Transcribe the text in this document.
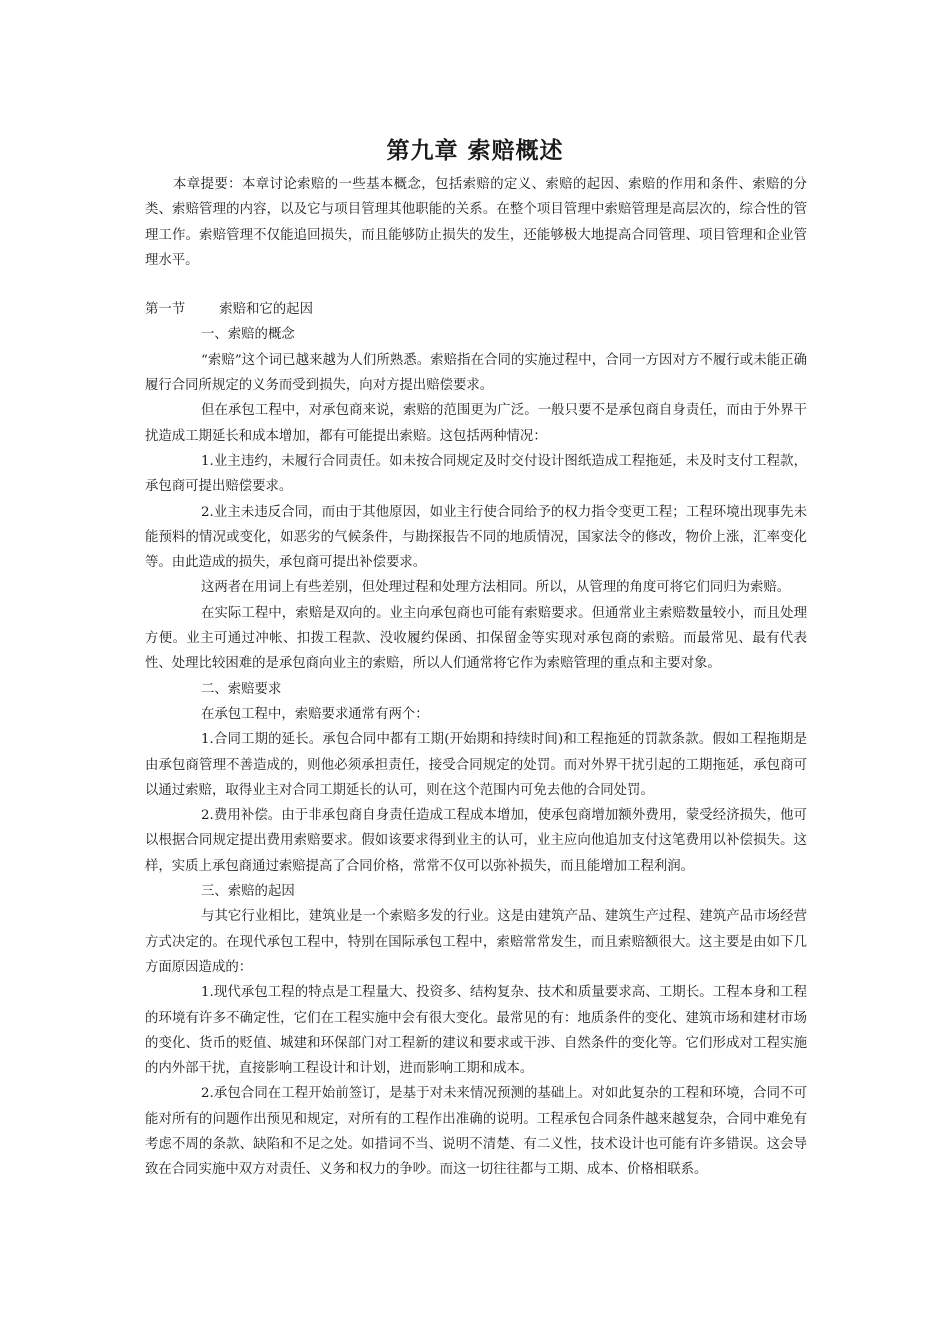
第九章 索赔概述

本章提要：本章讨论索赔的一些基本概念，包括索赔的定义、索赔的起因、索赔的作用和条件、索赔的分类、索赔管理的内容，以及它与项目管理其他职能的关系。在整个项目管理中索赔管理是高层次的，综合性的管理工作。索赔管理不仅能追回损失，而且能够防止损失的发生，还能够极大地提高合同管理、项目管理和企业管理水平。

第一节	索赔和它的起因

一、索赔的概念

“索赔”这个词已越来越为人们所熟悉。索赔指在合同的实施过程中，合同一方因对方不履行或未能正确履行合同所规定的义务而受到损失，向对方提出赔偿要求。

但在承包工程中，对承包商来说，索赔的范围更为广泛。一般只要不是承包商自身责任，而由于外界干扰造成工期延长和成本增加，都有可能提出索赔。这包括两种情况：

1.业主违约，未履行合同责任。如未按合同规定及时交付设计图纸造成工程拖延，未及时支付工程款，承包商可提出赔偿要求。

2.业主未违反合同，而由于其他原因，如业主行使合同给予的权力指令变更工程；工程环境出现事先未能预料的情况或变化，如恶劣的气候条件，与勘探报告不同的地质情况，国家法令的修改，物价上涨，汇率变化等。由此造成的损失，承包商可提出补偿要求。

这两者在用词上有些差别，但处理过程和处理方法相同。所以，从管理的角度可将它们同归为索赔。

在实际工程中，索赔是双向的。业主向承包商也可能有索赔要求。但通常业主索赔数量较小，而且处理方便。业主可通过冲帐、扣拨工程款、没收履约保函、扣保留金等实现对承包商的索赔。而最常见、最有代表性、处理比较困难的是承包商向业主的索赔，所以人们通常将它作为索赔管理的重点和主要对象。

二、索赔要求

在承包工程中，索赔要求通常有两个：

1.合同工期的延长。承包合同中都有工期(开始期和持续时间)和工程拖延的罚款条款。假如工程拖期是由承包商管理不善造成的，则他必须承担责任，接受合同规定的处罚。而对外界干扰引起的工期拖延，承包商可以通过索赔，取得业主对合同工期延长的认可，则在这个范围内可免去他的合同处罚。

2.费用补偿。由于非承包商自身责任造成工程成本增加，使承包商增加额外费用，蒙受经济损失，他可以根据合同规定提出费用索赔要求。假如该要求得到业主的认可，业主应向他追加支付这笔费用以补偿损失。这样，实质上承包商通过索赔提高了合同价格，常常不仅可以弥补损失，而且能增加工程利润。

三、索赔的起因

与其它行业相比，建筑业是一个索赔多发的行业。这是由建筑产品、建筑生产过程、建筑产品市场经营方式决定的。在现代承包工程中，特别在国际承包工程中，索赔常常发生，而且索赔额很大。这主要是由如下几方面原因造成的：

1.现代承包工程的特点是工程量大、投资多、结构复杂、技术和质量要求高、工期长。工程本身和工程的环境有许多不确定性，它们在工程实施中会有很大变化。最常见的有：地质条件的变化、建筑市场和建材市场的变化、货币的贬值、城建和环保部门对工程新的建议和要求或干涉、自然条件的变化等。它们形成对工程实施的内外部干扰，直接影响工程设计和计划，进而影响工期和成本。

2.承包合同在工程开始前签订，是基于对未来情况预测的基础上。对如此复杂的工程和环境，合同不可能对所有的问题作出预见和规定，对所有的工程作出准确的说明。工程承包合同条件越来越复杂，合同中难免有考虑不周的条款、缺陷和不足之处。如措词不当、说明不清楚、有二义性，技术设计也可能有许多错误。这会导致在合同实施中双方对责任、义务和权力的争吵。而这一切往往都与工期、成本、价格相联系。
